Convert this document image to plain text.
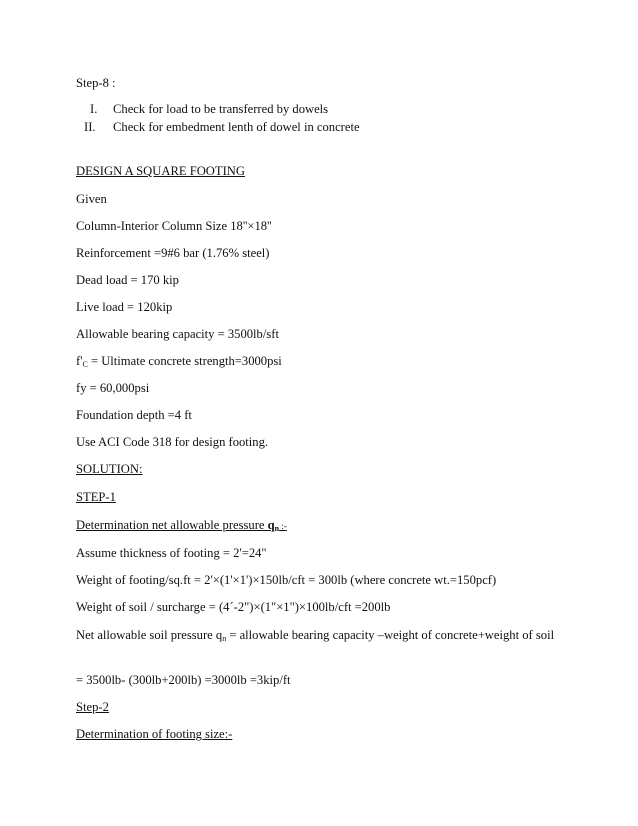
Step-8 :
I. Check for load to be transferred by dowels
II. Check for embedment lenth of dowel in concrete
DESIGN A SQUARE FOOTING
Given
Column-Interior Column Size 18''×18''
Reinforcement =9#6 bar (1.76% steel)
Dead load = 170 kip
Live load = 120kip
Allowable bearing capacity = 3500lb/sft
$f'_C$ = Ultimate concrete strength=3000psi
fy = 60,000psi
Foundation depth =4 ft
Use ACI Code 318 for design footing.
SOLUTION:
STEP-1
Determination net allowable pressure $q_n$ :-
Assume thickness of footing = 2'=24"
Weight of footing/sq.ft = 2'×(1'×1')×150lb/cft = 300lb (where concrete wt.=150pcf)
Weight of soil / surcharge = (4ˊ-2")×(1"×1")×100lb/cft =200lb
Net allowable soil pressure $q_n$ = allowable bearing capacity –weight of concrete+weight of soil
= 3500lb- (300lb+200lb) =3000lb =3kip/ft
Step-2
Determination of footing size:-
